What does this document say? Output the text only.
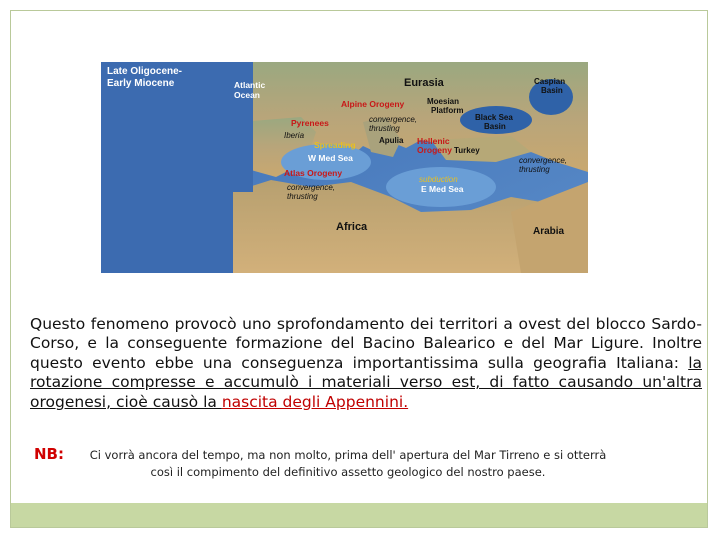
Late Oligocene-
Early Miocene	Atlantic
Ocean
Eurasia	Caspian
Basin
Alpine Orogeny	Moesian
Platform
Black Sea
Basin
Pyrenees
Iberia
convergence,
thrusting
Apulia Hellenic
Orogeny Turkey
Spreading
W Med Sea
Atlas Orogeny
convergence,
thrusting
subduction
E Med Sea
convergence,
thrusting
Africa	Arabia
Questo fenomeno provocò uno sprofondamento dei territori a ovest del blocco Sardo-Corso, e la conseguente formazione del Bacino Balearico e del Mar Ligure. Inoltre questo evento ebbe una conseguenza importantissima sulla geografia Italiana: la rotazione compresse e accumulò i materiali verso est, di fatto causando un'altra orogenesi, cioè causò la nascita degli Appennini.
NB:	Ci vorrà ancora del tempo, ma non molto, prima dell' apertura del Mar Tirreno e si otterrà così il compimento del definitivo assetto geologico del nostro paese.
